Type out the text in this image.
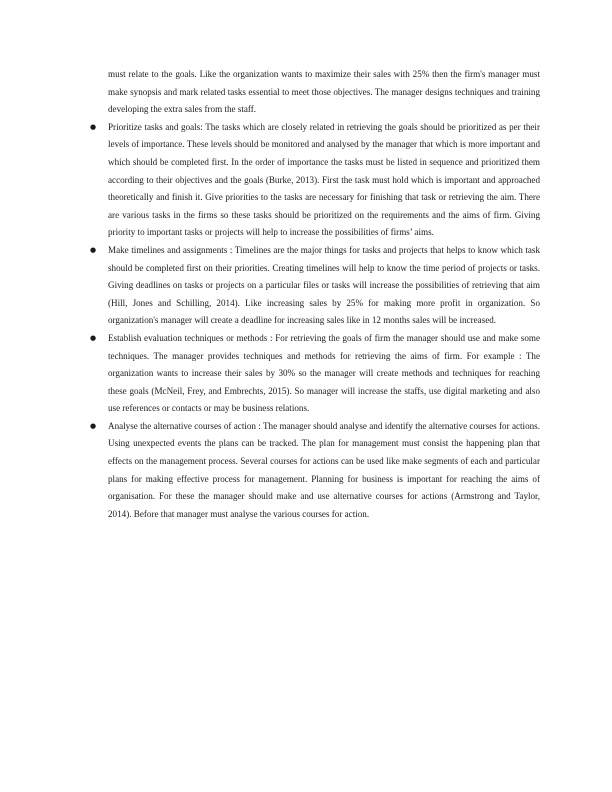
must relate to the goals. Like the organization wants to maximize their sales with 25% then the firm's manager must make synopsis and mark related tasks essential to meet those objectives. The manager designs techniques and training developing the extra sales from the staff.

●	Prioritize tasks and goals: The tasks which are closely related in retrieving the goals should be prioritized as per their levels of importance. These levels should be monitored and analysed by the manager that which is more important and which should be completed first. In the order of importance the tasks must be listed in sequence and prioritized them according to their objectives and the goals (Burke, 2013). First the task must hold which is important and approached theoretically and finish it. Give priorities to the tasks are necessary for finishing that task or retrieving the aim. There are various tasks in the firms so these tasks should be prioritized on the requirements and the aims of firm. Giving priority to important tasks or projects will help to increase the possibilities of firms’ aims.
●	Make timelines and assignments : Timelines are the major things for tasks and projects that helps to know which task should be completed first on their priorities. Creating timelines will help to know the time period of projects or tasks. Giving deadlines on tasks or projects on a particular files or tasks will increase the possibilities of retrieving that aim (Hill, Jones and Schilling, 2014). Like increasing sales by 25% for making more profit in organization. So organization's manager will create a deadline for increasing sales like in 12 months sales will be increased.
●	Establish evaluation techniques or methods : For retrieving the goals of firm the manager should use and make some techniques. The manager provides techniques and methods for retrieving the aims of firm. For example : The organization wants to increase their sales by 30% so the manager will create methods and techniques for reaching these goals (McNeil, Frey, and Embrechts, 2015). So manager will increase the staffs, use digital marketing and also use references or contacts or may be business relations.
●	Analyse the alternative courses of action : The manager should analyse and identify the alternative courses for actions. Using unexpected events the plans can be tracked. The plan for management must consist the happening plan that effects on the management process. Several courses for actions can be used like make segments of each and particular plans for making effective process for management. Planning for business is important for reaching the aims of organisation. For these the manager should make and use alternative courses for actions (Armstrong and Taylor, 2014). Before that manager must analyse the various courses for action.
